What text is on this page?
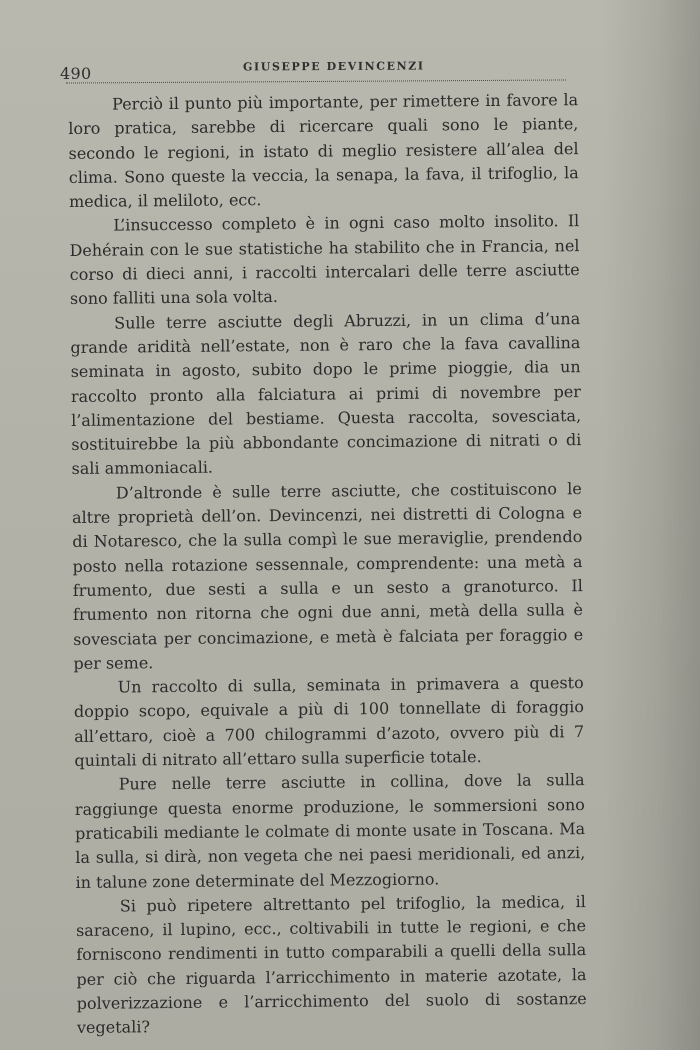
490	GIUSEPPE DEVINCENZI

Perciò il punto più importante, per rimettere in favore la loro pratica, sarebbe di ricercare quali sono le piante, secondo le regioni, in istato di meglio resistere all’alea del clima. Sono queste la veccia, la senapa, la fava, il trifoglio, la medica, il meliloto, ecc.

L’insuccesso completo è in ogni caso molto insolito. Il Dehérain con le sue statistiche ha stabilito che in Francia, nel corso di dieci anni, i raccolti intercalari delle terre asciutte sono falliti una sola volta.

Sulle terre asciutte degli Abruzzi, in un clima d’una grande aridità nell’estate, non è raro che la fava cavallina seminata in agosto, subito dopo le prime pioggie, dia un raccolto pronto alla falciatura ai primi di novembre per l’alimentazione del bestiame. Questa raccolta, sovesciata, sostituirebbe la più abbondante concimazione di nitrati o di sali ammoniacali.

D’altronde è sulle terre asciutte, che costituiscono le altre proprietà dell’on. Devincenzi, nei distretti di Cologna e di Notaresco, che la sulla compì le sue meraviglie, prendendo posto nella rotazione sessennale, comprendente: una metà a frumento, due sesti a sulla e un sesto a granoturco. Il frumento non ritorna che ogni due anni, metà della sulla è sovesciata per concimazione, e metà è falciata per foraggio e per seme.

Un raccolto di sulla, seminata in primavera a questo doppio scopo, equivale a più di 100 tonnellate di foraggio all’ettaro, cioè a 700 chilogrammi d’azoto, ovvero più di 7 quintali di nitrato all’ettaro sulla superficie totale.

Pure nelle terre asciutte in collina, dove la sulla raggiunge questa enorme produzione, le sommersioni sono praticabili mediante le colmate di monte usate in Toscana. Ma la sulla, si dirà, non vegeta che nei paesi meridionali, ed anzi, in talune zone determinate del Mezzogiorno.

Si può ripetere altrettanto pel trifoglio, la medica, il saraceno, il lupino, ecc., coltivabili in tutte le regioni, e che forniscono rendimenti in tutto comparabili a quelli della sulla per ciò che riguarda l’arricchimento in materie azotate, la polverizzazione e l’arricchimento del suolo di sostanze vegetali?
